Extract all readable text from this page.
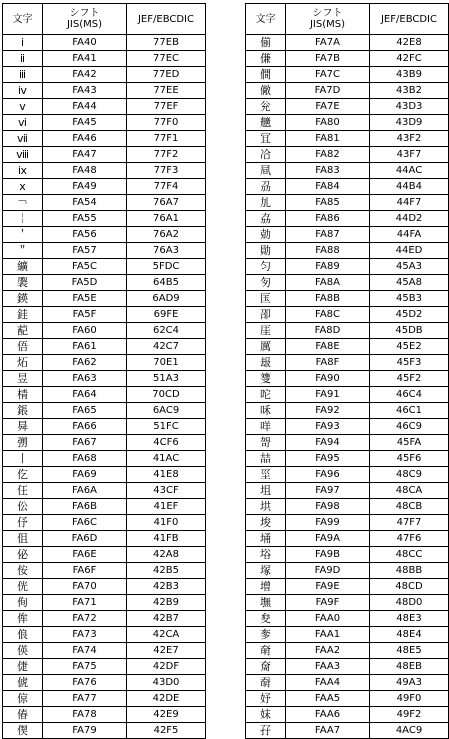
文字	シフト
JIS(MS)	JEF/EBCDIC
ⅰ	FA40	77EB
ⅱ	FA41	77EC
ⅲ	FA42	77ED
ⅳ	FA43	77EE
ⅴ	FA44	77EF
ⅵ	FA45	77F0
ⅶ	FA46	77F1
ⅷ	FA47	77F2
ⅸ	FA48	77F3
ⅹ	FA49	77F4
￢	FA54	76A7
￤	FA55	76A1
＇	FA56	76A2
＂	FA57	76A3
纊	FA5C	5FDC
褜	FA5D	64B5
鍈	FA5E	6AD9
銈	FA5F	69FE
蓜	FA60	62C4
俉	FA61	42C7
炻	FA62	70E1
昱	FA63	51A3
棈	FA64	70CD
鋹	FA65	6AC9
曻	FA66	51FC
彅	FA67	4CF6
丨	FA68	41AC
仡	FA69	41E8
仼	FA6A	43CF
伀	FA6B	41EF
伃	FA6C	41F0
伹	FA6D	41FB
佖	FA6E	42A8
侒	FA6F	42B5
侊	FA70	42B3
侚	FA71	42B9
侔	FA72	42B7
俍	FA73	42CA
偀	FA74	42E7
倢	FA75	42DF
俿	FA76	43D0
倞	FA77	42DE
偆	FA78	42E9
偰	FA79	42F5
文字	シフト
JIS(MS)	JEF/EBCDIC
偂	FA7A	42E8
傔	FA7B	42FC
僴	FA7C	43B9
僘	FA7D	43B2
兊	FA7E	43D3
兤	FA80	43D9
冝	FA81	43F2
冾	FA82	43F7
凬	FA83	44AC
刕	FA84	44B4
劜	FA85	44F7
劦	FA86	44D2
勀	FA87	44FA
勛	FA88	44ED
匀	FA89	45A3
匇	FA8A	45A8
匤	FA8B	45B3
卲	FA8C	45D2
厓	FA8D	45DB
厲	FA8E	45E2
叝	FA8F	45F3
﨎	FA90	45F2
咜	FA91	46C4
咊	FA92	46C1
咩	FA93	46C9
哿	FA94	45FA
喆	FA95	45F6
坙	FA96	48C9
坥	FA97	48CA
垬	FA98	48CB
埈	FA99	47F7
埇	FA9A	47F6
﨏	FA9B	48CC
塚	FA9D	48BB
增	FA9E	48CD
墲	FA9F	48D0
夋	FAA0	48E3
奓	FAA1	48E4
奛	FAA2	48E5
奝	FAA3	48EB
奣	FAA4	49A3
妤	FAA5	49F0
妺	FAA6	49F2
孖	FAA7	4AC9
